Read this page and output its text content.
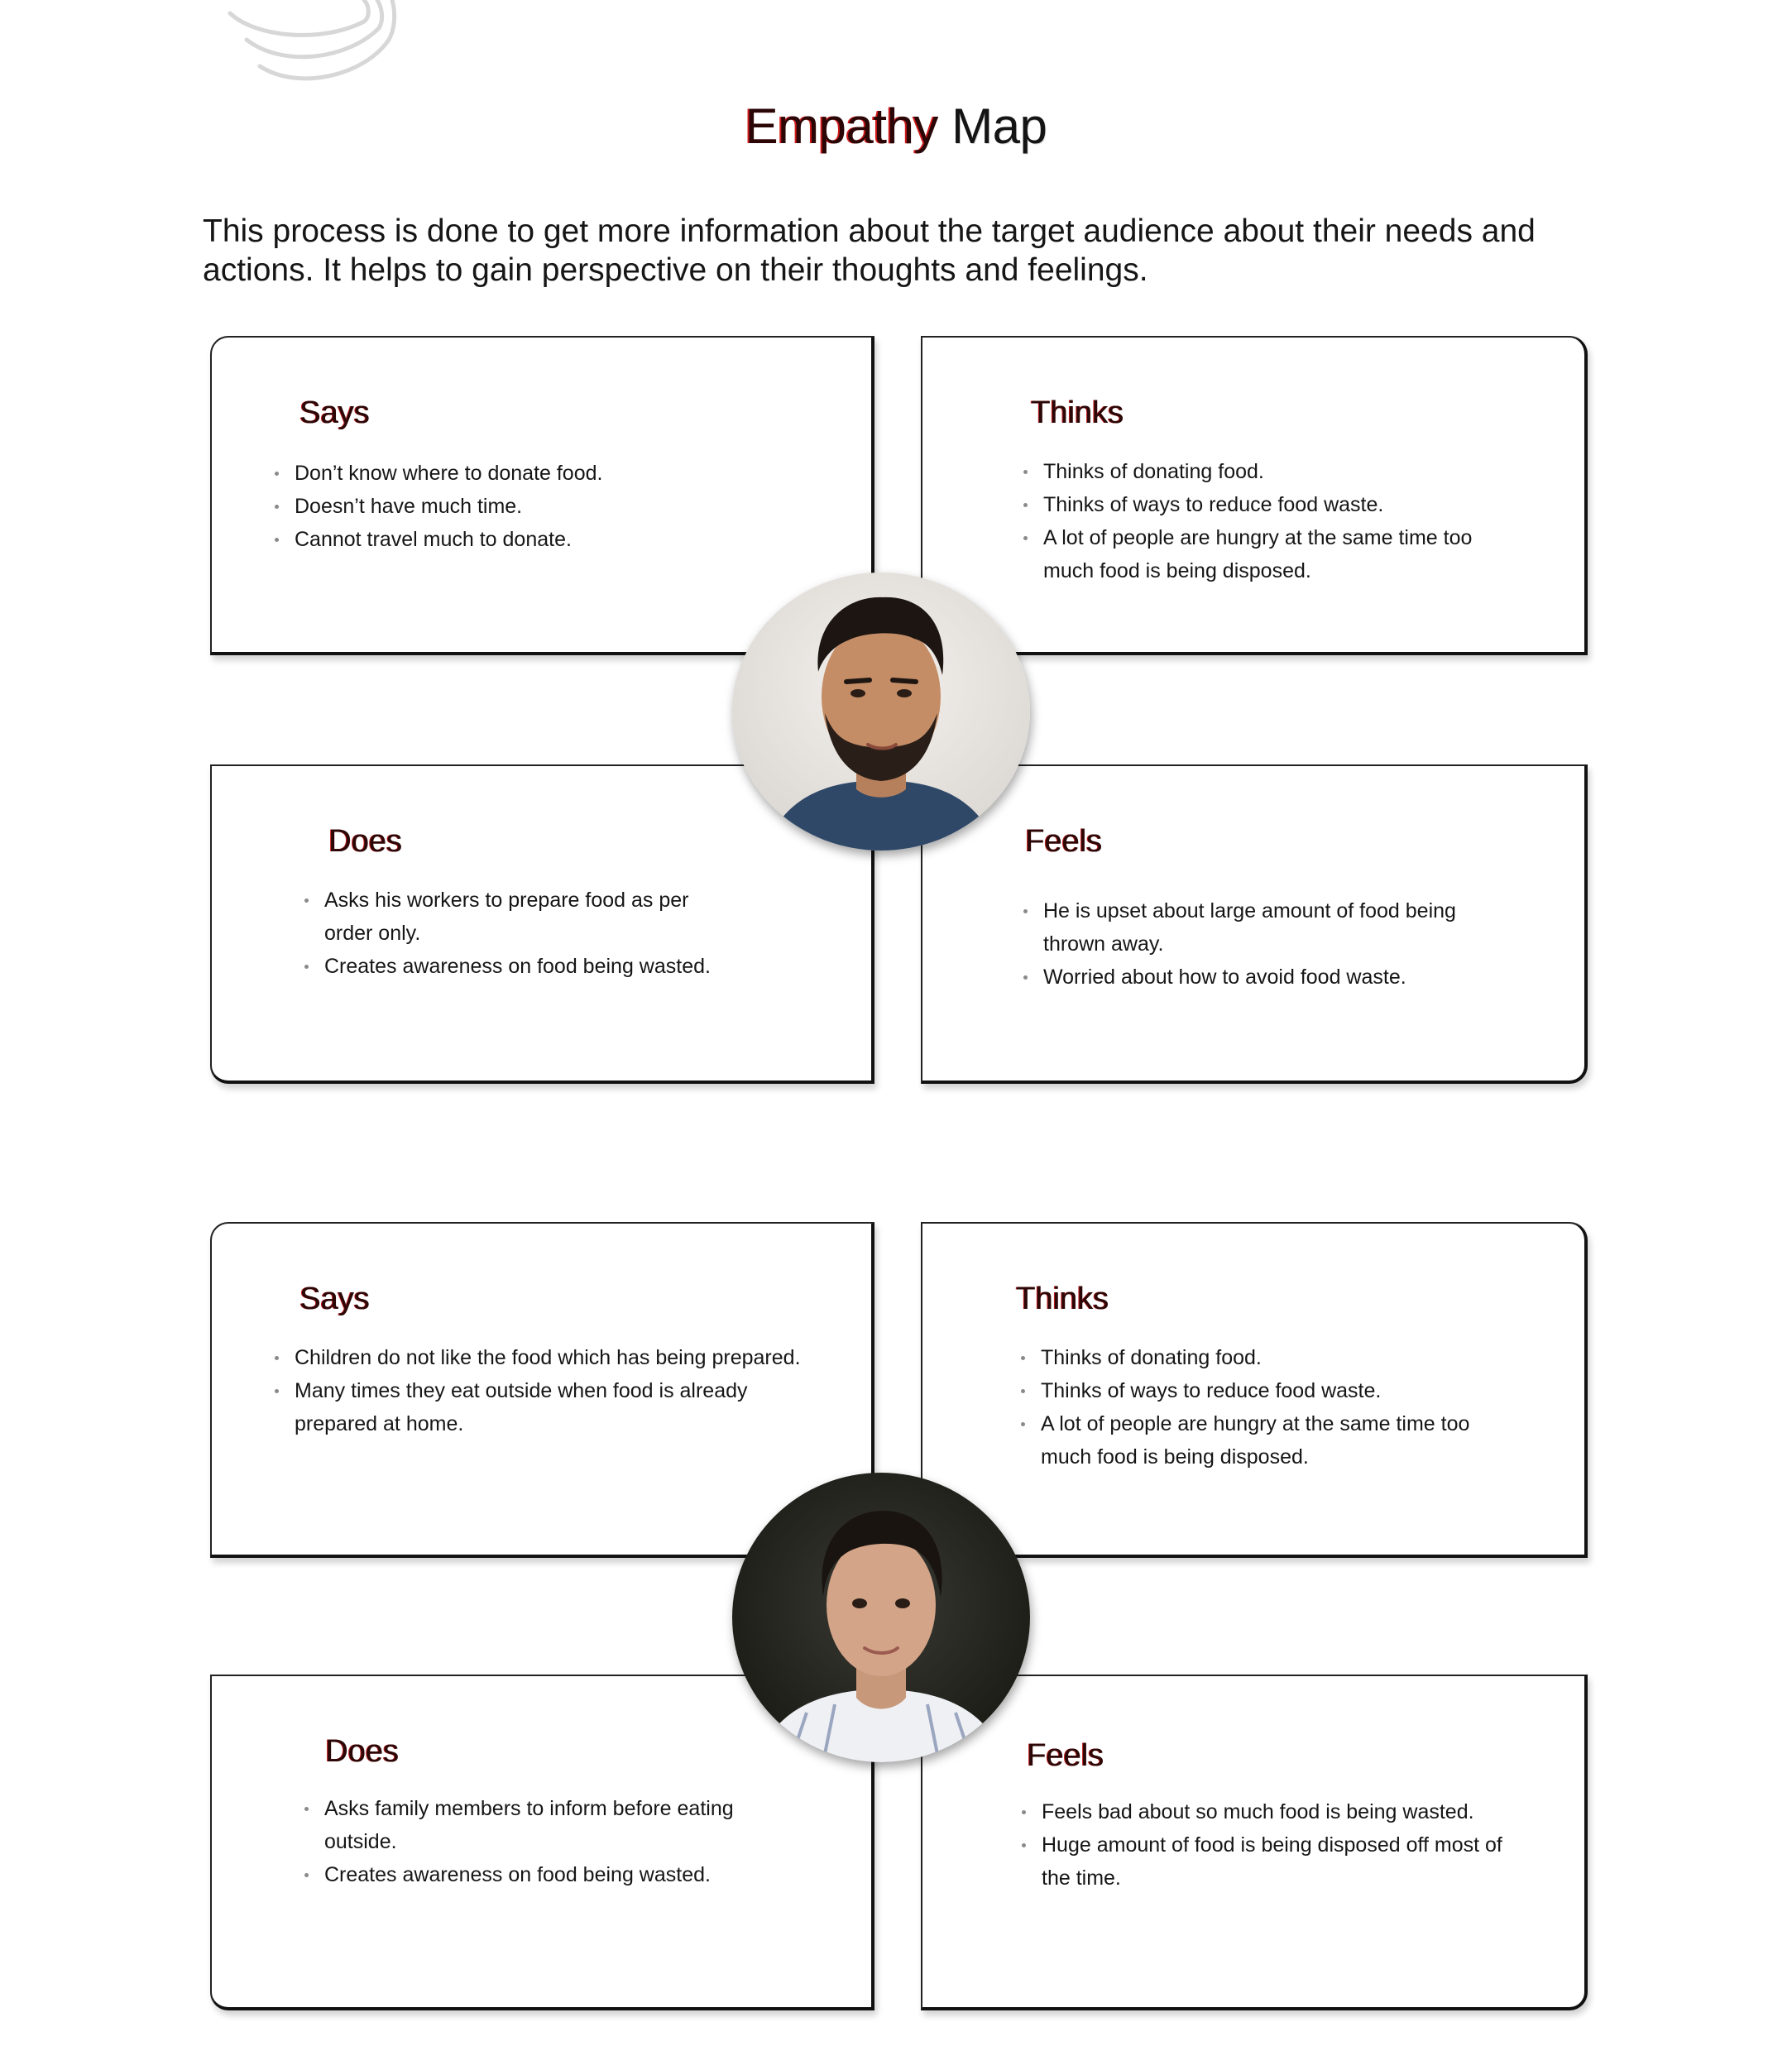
Empathy Map

This process is done to get more information about the target audience about their needs and actions. It helps to gain perspective on their thoughts and feelings.

Says
Don’t know where to donate food.
Doesn’t have much time.
Cannot travel much to donate.
Thinks
Thinks of donating food.
Thinks of ways to reduce food waste.
A lot of people are hungry at the same time too much food is being disposed.
Does
Asks his workers to prepare food as per order only.
Creates awareness on food being wasted.
Feels
He is upset about large amount of food being thrown away.
Worried about how to avoid food waste.
Says
Children do not like the food which has being prepared.
Many times they eat outside when food is already prepared at home.
Thinks
Thinks of donating food.
Thinks of ways to reduce food waste.
A lot of people are hungry at the same time too much food is being disposed.
Does
Asks family members to inform before eating outside.
Creates awareness on food being wasted.
Feels
Feels bad about so much food is being wasted.
Huge amount of food is being disposed off most of the time.
